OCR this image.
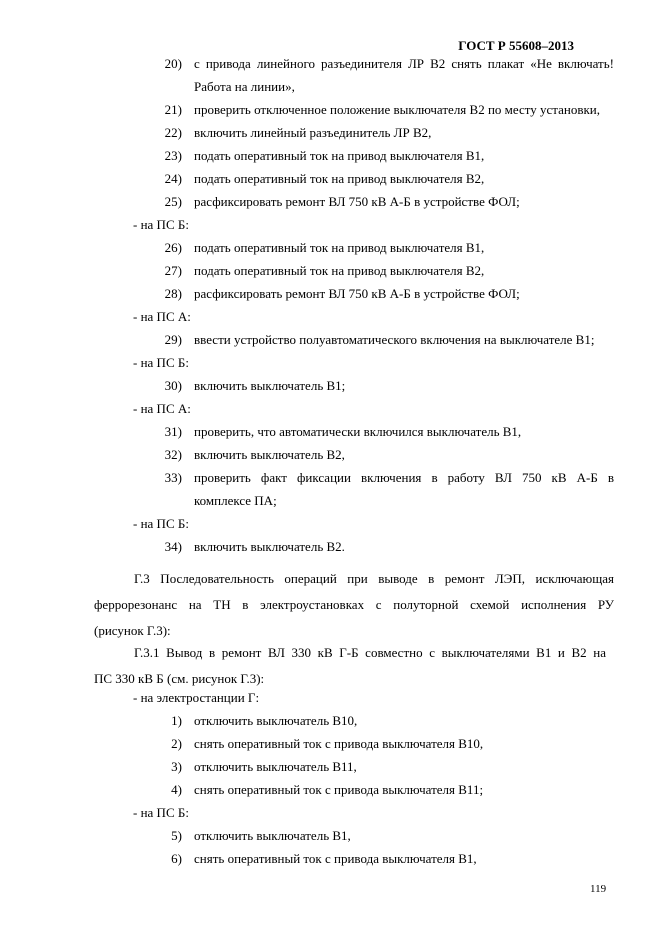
ГОСТ Р 55608–2013
20) с привода линейного разъединителя ЛР В2 снять плакат «Не включать!
Работа на линии»,
21) проверить отключенное положение выключателя В2 по месту установки,
22) включить линейный разъединитель ЛР В2,
23) подать оперативный ток на привод выключателя В1,
24) подать оперативный ток на привод выключателя В2,
25) расфиксировать ремонт ВЛ 750 кВ А-Б в устройстве ФОЛ;
- на ПС Б:
26) подать оперативный ток на привод выключателя В1,
27) подать оперативный ток на привод выключателя В2,
28) расфиксировать ремонт ВЛ 750 кВ А-Б в устройстве ФОЛ;
- на ПС А:
29) ввести устройство полуавтоматического включения на выключателе В1;
- на ПС Б:
30) включить выключатель В1;
- на ПС А:
31) проверить, что автоматически включился выключатель В1,
32) включить выключатель В2,
33) проверить факт фиксации включения в работу ВЛ 750 кВ А-Б в
комплексе ПА;
- на ПС Б:
34) включить выключатель В2.
Г.3 Последовательность операций при выводе в ремонт ЛЭП, исключающая
феррорезонанс на ТН в электроустановках с полуторной схемой исполнения РУ
(рисунок Г.3):
Г.3.1 Вывод в ремонт ВЛ 330 кВ Г-Б совместно с выключателями В1 и В2 на
ПС 330 кВ Б (см. рисунок Г.3):
- на электростанции Г:
1) отключить выключатель В10,
2) снять оперативный ток с привода выключателя В10,
3) отключить выключатель В11,
4) снять оперативный ток с привода выключателя В11;
- на ПС Б:
5) отключить выключатель В1,
6) снять оперативный ток с привода выключателя В1,
119
